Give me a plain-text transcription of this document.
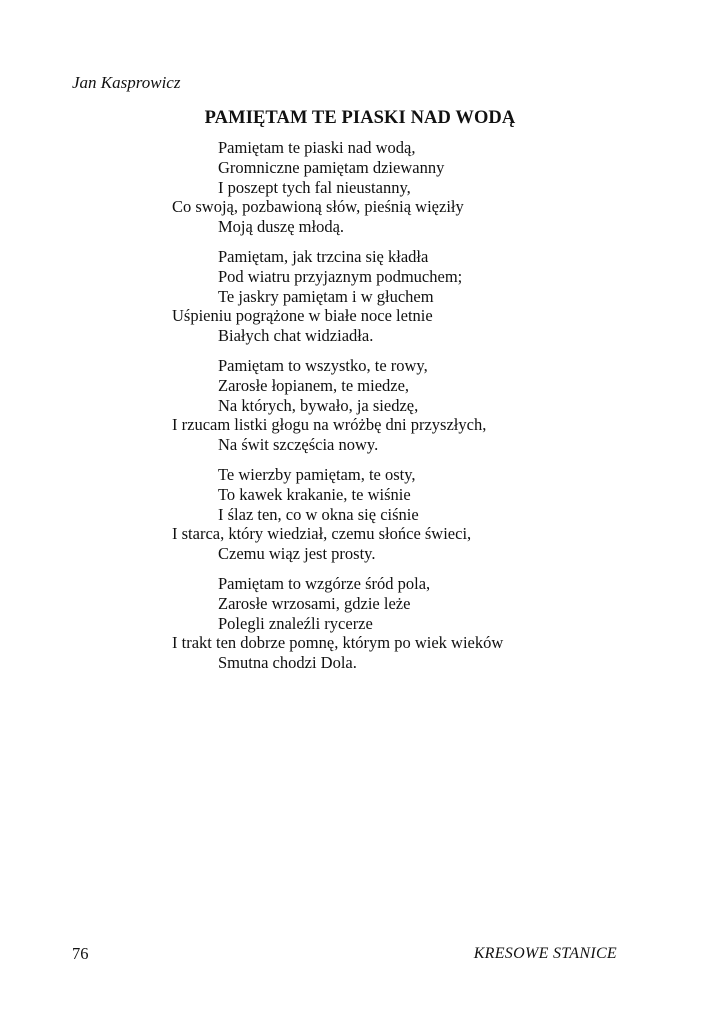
Jan Kasprowicz
PAMIĘTAM TE PIASKI NAD WODĄ
Pamiętam te piaski nad wodą,
Gromniczne pamiętam dziewanny
I poszept tych fal nieustanny,
Co swoją, pozbawioną słów, pieśnią więziły
Moją duszę młodą.
Pamiętam, jak trzcina się kładła
Pod wiatru przyjaznym podmuchem;
Te jaskry pamiętam i w głuchem
Uśpieniu pogrążone w białe noce letnie
Białych chat widziadła.
Pamiętam to wszystko, te rowy,
Zarosłe łopianem, te miedze,
Na których, bywało, ja siedzę,
I rzucam listki głogu na wróżbę dni przyszłych,
Na świt szczęścia nowy.
Te wierzby pamiętam, te osty,
To kawek krakanie, te wiśnie
I ślaz ten, co w okna się ciśnie
I starca, który wiedział, czemu słońce świeci,
Czemu wiąz jest prosty.
Pamiętam to wzgórze śród pola,
Zarosłe wrzosami, gdzie leże
Polegli znaleźli rycerze
I trakt ten dobrze pomnę, którym po wiek wieków
Smutna chodzi Dola.
76	KRESOWE STANICE
